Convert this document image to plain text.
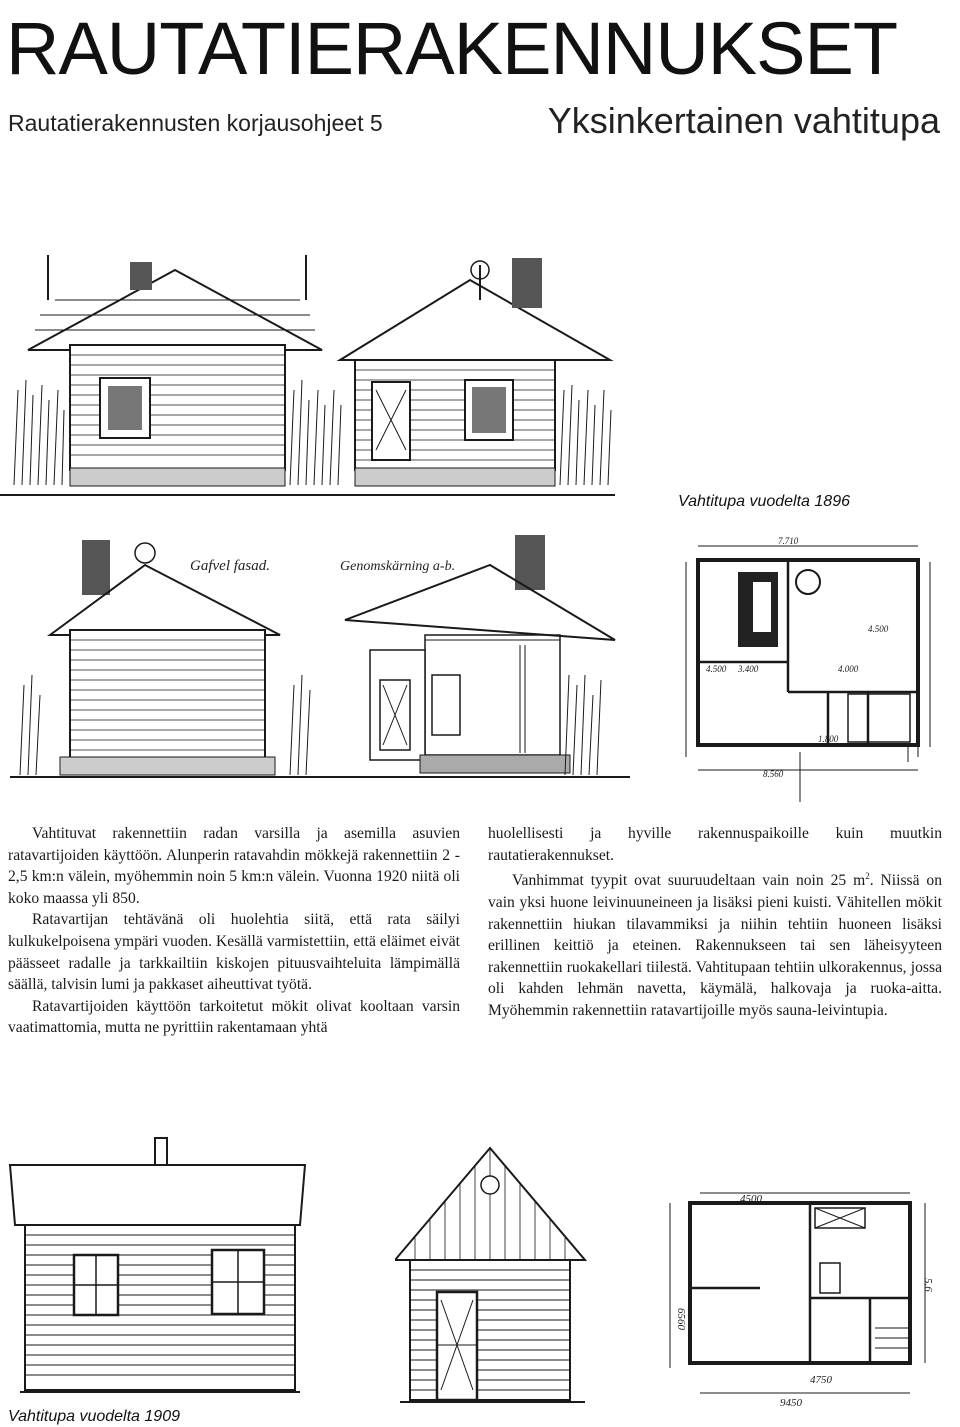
RAUTATIERAKENNUKSET
Rautatierakennusten korjausohjeet 5	Yksinkertainen vahtitupa
Vahtitupa vuodelta 1896
Gafvel fasad.	Genomskärning a-b.
7.710
4.500
1.800
4.000
3.400
4.500
8.560

Vahtituvat rakennettiin radan varsilla ja asemilla asuvien ratavartijoiden käyttöön. Alunperin ratavahdin mökkejä rakennettiin 2 - 2,5 km:n välein, myöhemmin noin 5 km:n välein. Vuonna 1920 niitä oli koko maassa yli 850.

Ratavartijan tehtävänä oli huolehtia siitä, että rata säilyi kulkukelpoisena ympäri vuoden. Kesällä varmistettiin, että eläimet eivät päässeet radalle ja tarkkailtiin kiskojen pituusvaihteluita lämpimällä säällä, talvisin lumi ja pakkaset aiheuttivat työtä.

Ratavartijoiden käyttöön tarkoitetut mökit olivat kooltaan varsin vaatimattomia, mutta ne pyrittiin rakentamaan yhtä

huolellisesti ja hyville rakennuspaikoille kuin muutkin rautatierakennukset.

Vanhimmat tyypit ovat suuruudeltaan vain noin 25 $m^2$. Niissä on vain yksi huone leivinuuneineen ja lisäksi pieni kuisti. Vähitellen mökit rakennettiin hiukan tilavammiksi ja niihin tehtiin huoneen lisäksi erillinen keittiö ja eteinen. Rakennukseen tai sen läheisyyteen rakennettiin ruokakellari tiilestä. Vahtitupaan tehtiin ulkorakennus, jossa oli kahden lehmän navetta, käymälä, halkovaja ja ruoka-aitta. Myöhemmin rakennettiin ratavartijoille myös sauna-leivintupia.

4500
6560
5.6
4750
9450
Vahtitupa vuodelta 1909
